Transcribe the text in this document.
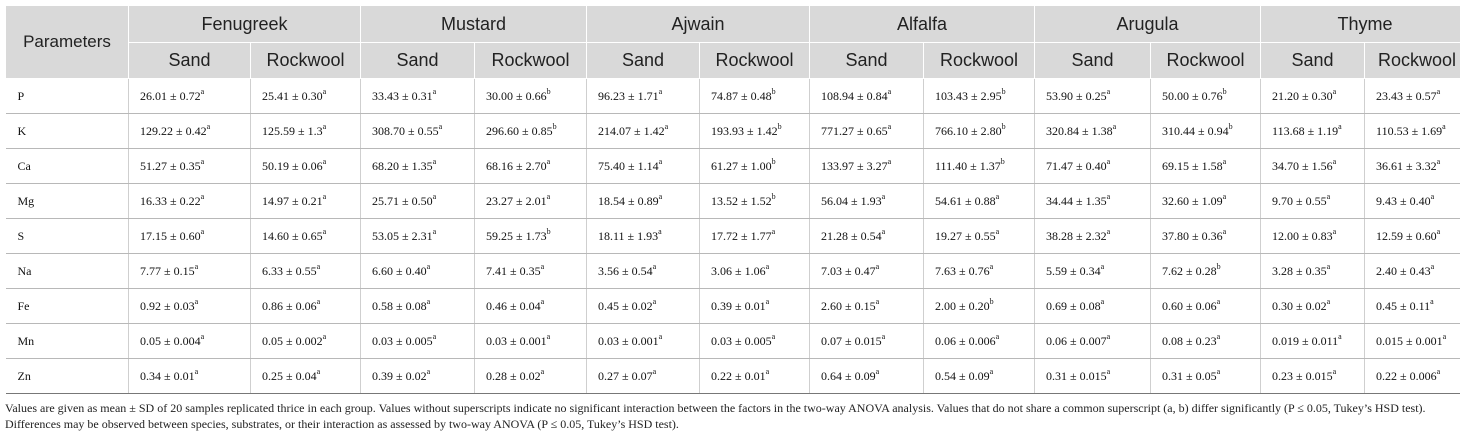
Parameters	Fenugreek		Mustard		Ajwain		Alfalfa		Arugula		Thyme	
	Sand	Rockwool	Sand	Rockwool	Sand	Rockwool	Sand	Rockwool	Sand	Rockwool	Sand	Rockwool
P	26.01 ± 0.72$^a$	25.41 ± 0.30$^a$	33.43 ± 0.31$^a$	30.00 ± 0.66$^b$	96.23 ± 1.71$^a$	74.87 ± 0.48$^b$	108.94 ± 0.84$^a$	103.43 ± 2.95$^b$	53.90 ± 0.25$^a$	50.00 ± 0.76$^b$	21.20 ± 0.30$^a$	23.43 ± 0.57$^a$
K	129.22 ± 0.42$^a$	125.59 ± 1.3$^a$	308.70 ± 0.55$^a$	296.60 ± 0.85$^b$	214.07 ± 1.42$^a$	193.93 ± 1.42$^b$	771.27 ± 0.65$^a$	766.10 ± 2.80$^b$	320.84 ± 1.38$^a$	310.44 ± 0.94$^b$	113.68 ± 1.19$^a$	110.53 ± 1.69$^a$
Ca	51.27 ± 0.35$^a$	50.19 ± 0.06$^a$	68.20 ± 1.35$^a$	68.16 ± 2.70$^a$	75.40 ± 1.14$^a$	61.27 ± 1.00$^b$	133.97 ± 3.27$^a$	111.40 ± 1.37$^b$	71.47 ± 0.40$^a$	69.15 ± 1.58$^a$	34.70 ± 1.56$^a$	36.61 ± 3.32$^a$
Mg	16.33 ± 0.22$^a$	14.97 ± 0.21$^a$	25.71 ± 0.50$^a$	23.27 ± 2.01$^a$	18.54 ± 0.89$^a$	13.52 ± 1.52$^b$	56.04 ± 1.93$^a$	54.61 ± 0.88$^a$	34.44 ± 1.35$^a$	32.60 ± 1.09$^a$	9.70 ± 0.55$^a$	9.43 ± 0.40$^a$
S	17.15 ± 0.60$^a$	14.60 ± 0.65$^a$	53.05 ± 2.31$^a$	59.25 ± 1.73$^b$	18.11 ± 1.93$^a$	17.72 ± 1.77$^a$	21.28 ± 0.54$^a$	19.27 ± 0.55$^a$	38.28 ± 2.32$^a$	37.80 ± 0.36$^a$	12.00 ± 0.83$^a$	12.59 ± 0.60$^a$
Na	7.77 ± 0.15$^a$	6.33 ± 0.55$^a$	6.60 ± 0.40$^a$	7.41 ± 0.35$^a$	3.56 ± 0.54$^a$	3.06 ± 1.06$^a$	7.03 ± 0.47$^a$	7.63 ± 0.76$^a$	5.59 ± 0.34$^a$	7.62 ± 0.28$^b$	3.28 ± 0.35$^a$	2.40 ± 0.43$^a$
Fe	0.92 ± 0.03$^a$	0.86 ± 0.06$^a$	0.58 ± 0.08$^a$	0.46 ± 0.04$^a$	0.45 ± 0.02$^a$	0.39 ± 0.01$^a$	2.60 ± 0.15$^a$	2.00 ± 0.20$^b$	0.69 ± 0.08$^a$	0.60 ± 0.06$^a$	0.30 ± 0.02$^a$	0.45 ± 0.11$^a$
Mn	0.05 ± 0.004$^a$	0.05 ± 0.002$^a$	0.03 ± 0.005$^a$	0.03 ± 0.001$^a$	0.03 ± 0.001$^a$	0.03 ± 0.005$^a$	0.07 ± 0.015$^a$	0.06 ± 0.006$^a$	0.06 ± 0.007$^a$	0.08 ± 0.23$^a$	0.019 ± 0.011$^a$	0.015 ± 0.001$^a$
Zn	0.34 ± 0.01$^a$	0.25 ± 0.04$^a$	0.39 ± 0.02$^a$	0.28 ± 0.02$^a$	0.27 ± 0.07$^a$	0.22 ± 0.01$^a$	0.64 ± 0.09$^a$	0.54 ± 0.09$^a$	0.31 ± 0.015$^a$	0.31 ± 0.05$^a$	0.23 ± 0.015$^a$	0.22 ± 0.006$^a$
Values are given as mean ± SD of 20 samples replicated thrice in each group. Values without superscripts indicate no significant interaction between the factors in the two-way ANOVA analysis. Values that do not share a common superscript (a, b) differ significantly (P ≤ 0.05, Tukey’s HSD test). Differences may be observed between species, substrates, or their interaction as assessed by two-way ANOVA (P ≤ 0.05, Tukey’s HSD test).
